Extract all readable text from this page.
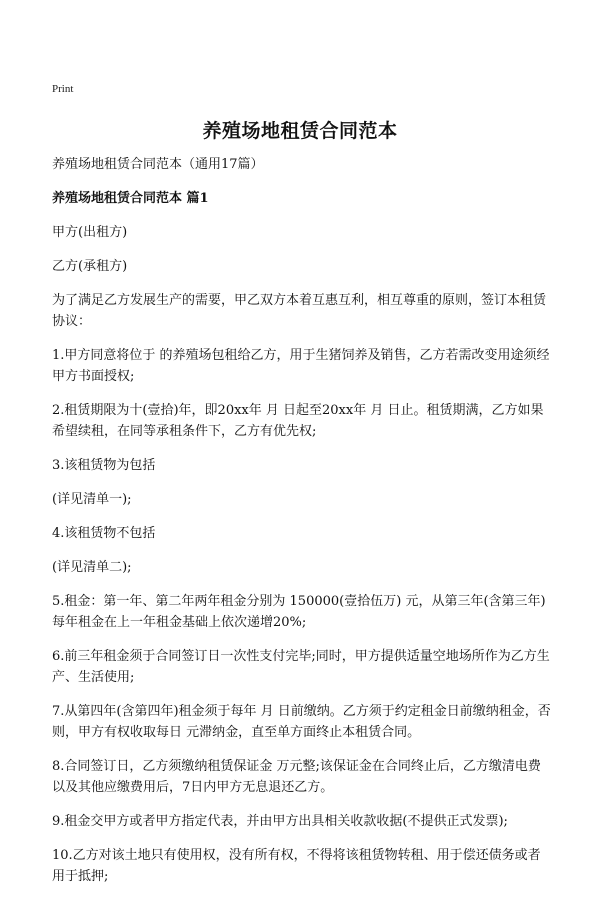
Print
养殖场地租赁合同范本

养殖场地租赁合同范本（通用17篇）

养殖场地租赁合同范本 篇1

甲方(出租方)

乙方(承租方)

为了满足乙方发展生产的需要，甲乙双方本着互惠互利，相互尊重的原则，签订本租赁协议：

1.甲方同意将位于 的养殖场包租给乙方，用于生猪饲养及销售，乙方若需改变用途须经甲方书面授权;

2.租赁期限为十(壹拾)年，即20xx年 月 日起至20xx年 月 日止。租赁期满，乙方如果希望续租，在同等承租条件下，乙方有优先权;

3.该租赁物为包括

(详见清单一);

4.该租赁物不包括

(详见清单二);

5.租金：第一年、第二年两年租金分别为 150000(壹拾伍万) 元，从第三年(含第三年)每年租金在上一年租金基础上依次递增20%;

6.前三年租金须于合同签订日一次性支付完毕;同时，甲方提供适量空地场所作为乙方生产、生活使用;

7.从第四年(含第四年)租金须于每年 月 日前缴纳。乙方须于约定租金日前缴纳租金，否则，甲方有权收取每日 元滞纳金，直至单方面终止本租赁合同。

8.合同签订日，乙方须缴纳租赁保证金 万元整;该保证金在合同终止后，乙方缴清电费以及其他应缴费用后，7日内甲方无息退还乙方。

9.租金交甲方或者甲方指定代表，并由甲方出具相关收款收据(不提供正式发票);

10.乙方对该土地只有使用权，没有所有权，不得将该租赁物转租、用于偿还债务或者用于抵押;
